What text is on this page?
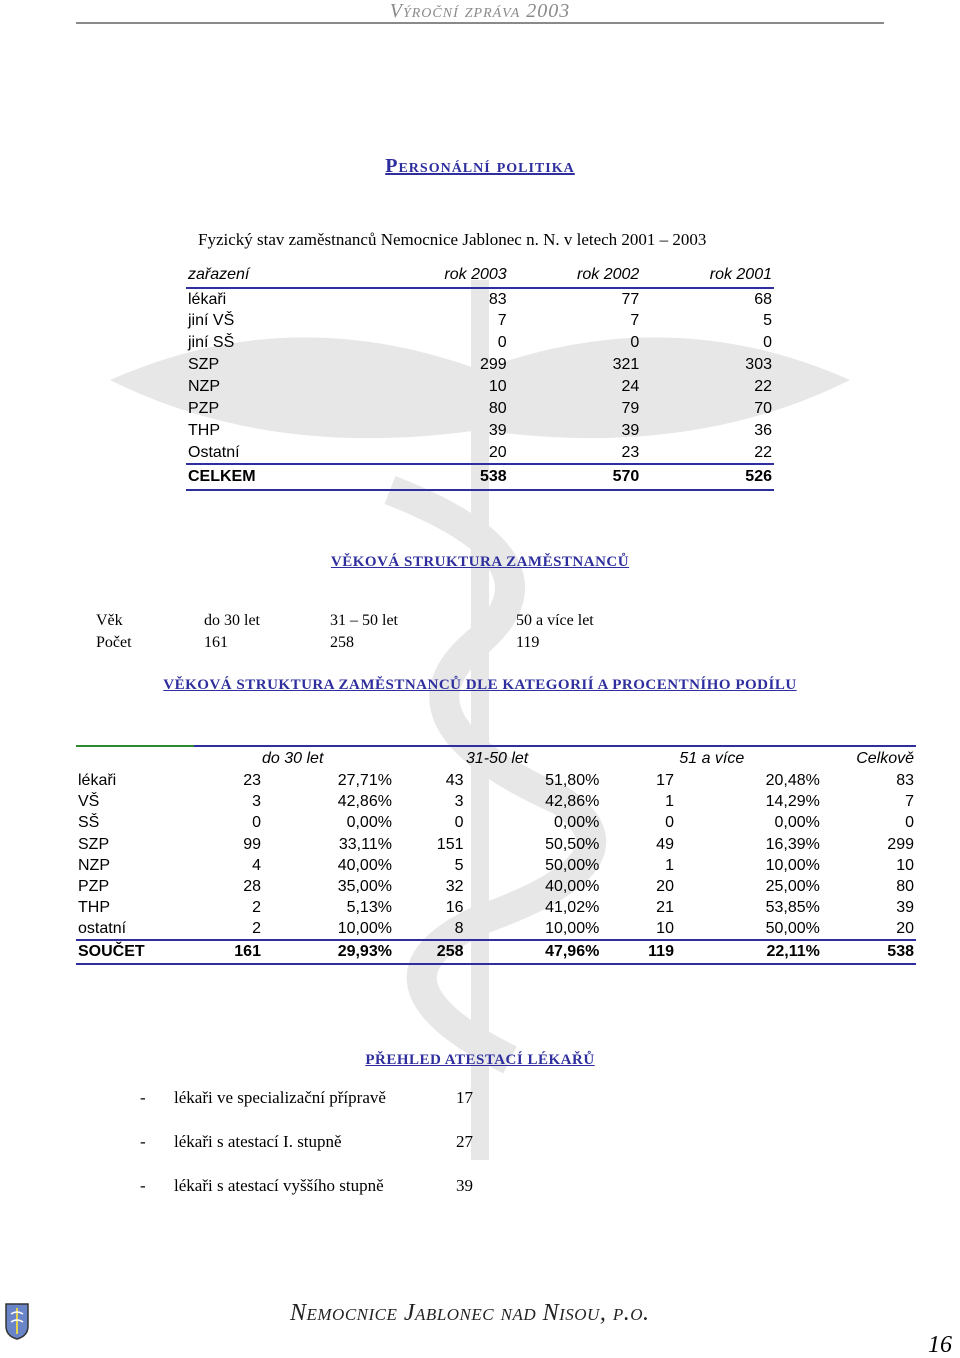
Výroční zpráva 2003
Personální politika
Fyzický stav zaměstnanců Nemocnice Jablonec n. N. v letech 2001 – 2003
zařazení	rok 2003	rok 2002	rok 2001
lékaři	83	77	68
jiní VŠ	7	7	5
jiní SŠ	0	0	0
SZP	299	321	303
NZP	10	24	22
PZP	80	79	70
THP	39	39	36
Ostatní	20	23	22
CELKEM	538	570	526
VĚKOVÁ STRUKTURA ZAMĚSTNANCŮ
Věk	do 30 let	31 – 50 let	50 a více let
Počet	161	258	119
VĚKOVÁ STRUKTURA ZAMĚSTNANCŮ DLE KATEGORIÍ A PROCENTNÍHO PODÍLU
	do 30 let		31-50 let		51 a více		Celkově
lékaři	23	27,71%	43	51,80%	17	20,48%	83
VŠ	3	42,86%	3	42,86%	1	14,29%	7
SŠ	0	0,00%	0	0,00%	0	0,00%	0
SZP	99	33,11%	151	50,50%	49	16,39%	299
NZP	4	40,00%	5	50,00%	1	10,00%	10
PZP	28	35,00%	32	40,00%	20	25,00%	80
THP	2	5,13%	16	41,02%	21	53,85%	39
ostatní	2	10,00%	8	10,00%	10	50,00%	20
SOUČET	161	29,93%	258	47,96%	119	22,11%	538
PŘEHLED ATESTACÍ LÉKAŘŮ
- lékaři ve specializační přípravě	17
- lékaři s atestací I. stupně	27
- lékaři s atestací vyššího stupně	39
Nemocnice Jablonec nad Nisou, p.o.
16
